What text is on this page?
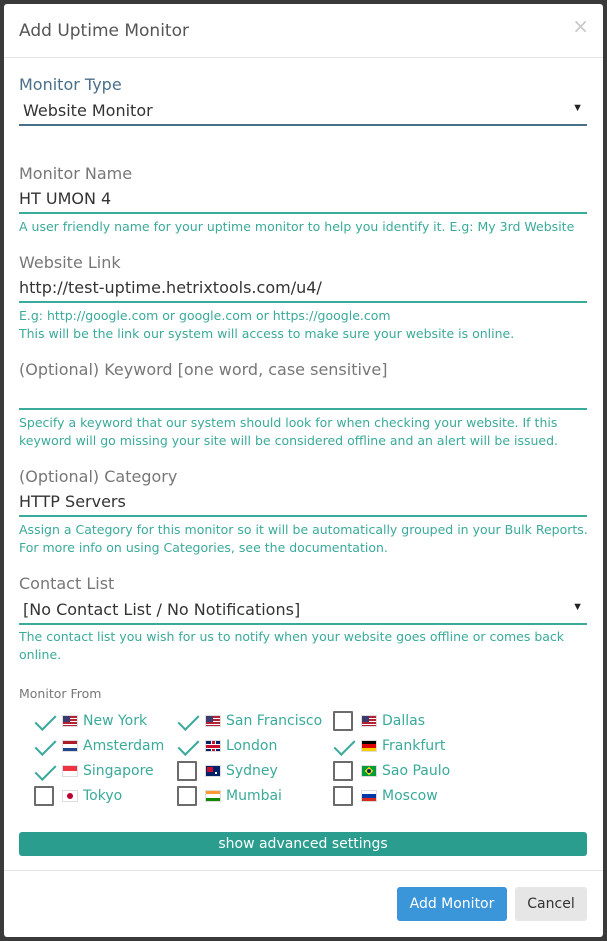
Add Uptime Monitor	×
Monitor Type
Website Monitor	▼
Monitor Name
HT UMON 4
A user friendly name for your uptime monitor to help you identify it. E.g: My 3rd Website
Website Link
http://test-uptime.hetrixtools.com/u4/
E.g: http://google.com or google.com or https://google.com
This will be the link our system will access to make sure your website is online.
(Optional) Keyword [one word, case sensitive]
Specify a keyword that our system should look for when checking your website. If this
keyword will go missing your site will be considered offline and an alert will be issued.
(Optional) Category
HTTP Servers
Assign a Category for this monitor so it will be automatically grouped in your Bulk Reports.
For more info on using Categories, see the documentation.
Contact List
[No Contact List / No Notifications]	▼
The contact list you wish for us to notify when your website goes offline or comes back online.
Monitor From
New York	San Francisco	Dallas
Amsterdam	London	Frankfurt
Singapore	Sydney	Sao Paulo
Tokyo	Mumbai	Moscow
show advanced settings
Add Monitor	Cancel
